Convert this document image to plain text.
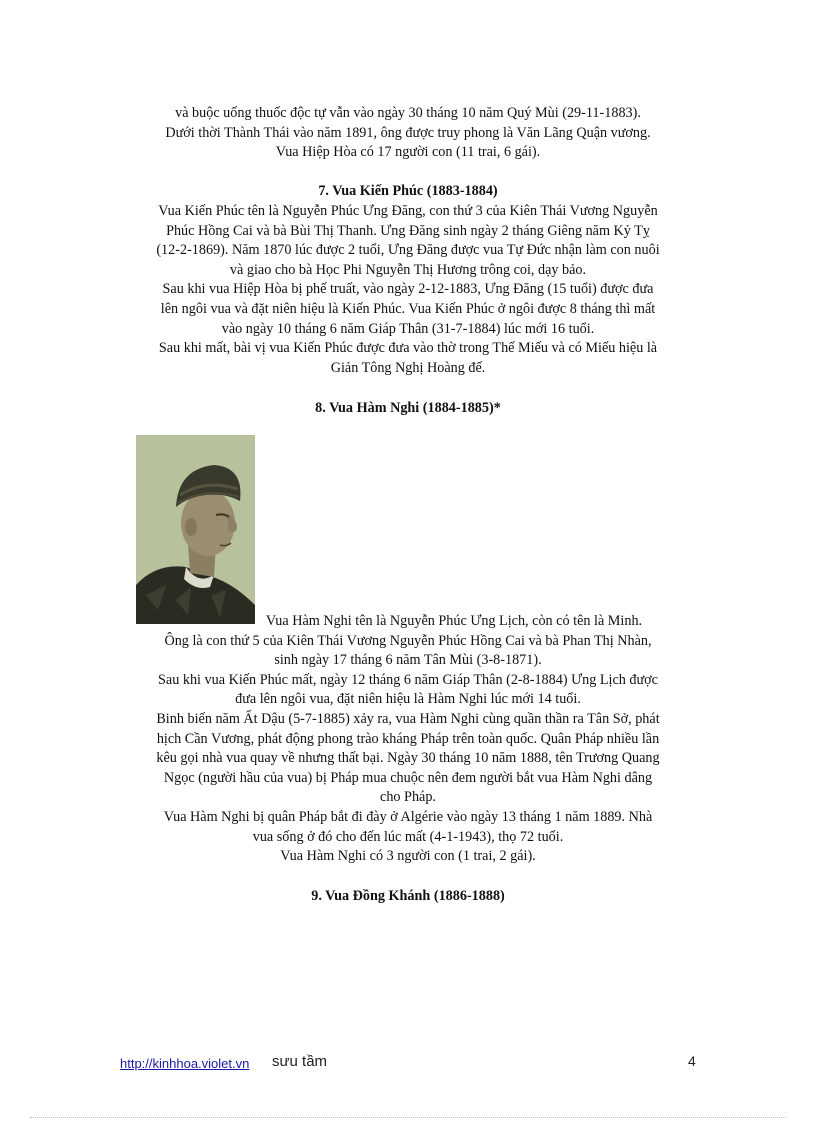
và buộc uống thuốc độc tự vẫn vào ngày 30 tháng 10 năm Quý Mùi (29-11-1883).

Dưới thời Thành Thái vào năm 1891, ông được truy phong là Văn Lãng Quận vương.

Vua Hiệp Hòa có 17 người con (11 trai, 6 gái).

7. Vua Kiến Phúc (1883-1884)

Vua Kiến Phúc tên là Nguyễn Phúc Ưng Đăng, con thứ 3 của Kiên Thái Vương Nguyễn

Phúc Hồng Cai và bà Bùi Thị Thanh. Ưng Đăng sinh ngày 2 tháng Giêng năm Kỷ Tỵ

(12-2-1869). Năm 1870 lúc được 2 tuổi, Ưng Đăng được vua Tự Đức nhận làm con nuôi

và giao cho bà Học Phi Nguyễn Thị Hương trông coi, dạy bảo.

Sau khi vua Hiệp Hòa bị phế truất, vào ngày 2-12-1883, Ưng Đăng (15 tuổi) được đưa

lên ngôi vua và đặt niên hiệu là Kiến Phúc. Vua Kiến Phúc ở ngôi được 8 tháng thì mất

vào ngày 10 tháng 6 năm Giáp Thân (31-7-1884) lúc mới 16 tuổi.

Sau khi mất, bài vị vua Kiến Phúc được đưa vào thờ trong Thế Miếu và có Miếu hiệu là

Giản Tông Nghị Hoàng đế.

8. Vua Hàm Nghi (1884-1885)*

Vua Hàm Nghi tên là Nguyễn Phúc Ưng Lịch, còn có tên là Minh.

Ông là con thứ 5 của Kiên Thái Vương Nguyễn Phúc Hồng Cai và bà Phan Thị Nhàn,

sinh ngày 17 tháng 6 năm Tân Mùi (3-8-1871).

Sau khi vua Kiến Phúc mất, ngày 12 tháng 6 năm Giáp Thân (2-8-1884) Ưng Lịch được

đưa lên ngôi vua, đặt niên hiệu là Hàm Nghi lúc mới 14 tuổi.

Binh biến năm Ất Dậu (5-7-1885) xảy ra, vua Hàm Nghi cùng quần thần ra Tân Sở, phát

hịch Cần Vương, phát động phong trào kháng Pháp trên toàn quốc. Quân Pháp nhiều lần

kêu gọi nhà vua quay về nhưng thất bại. Ngày 30 tháng 10 năm 1888, tên Trương Quang

Ngọc (người hầu của vua) bị Pháp mua chuộc nên đem người bắt vua Hàm Nghi dâng

cho Pháp.

Vua Hàm Nghi bị quân Pháp bắt đi đày ở Algérie vào ngày 13 tháng 1 năm 1889. Nhà

vua sống ở đó cho đến lúc mất (4-1-1943), thọ 72 tuổi.

Vua Hàm Nghi có 3 người con (1 trai, 2 gái).

9. Vua Đồng Khánh (1886-1888)
http://kinhhoa.violet.vn sưu tầm	4
